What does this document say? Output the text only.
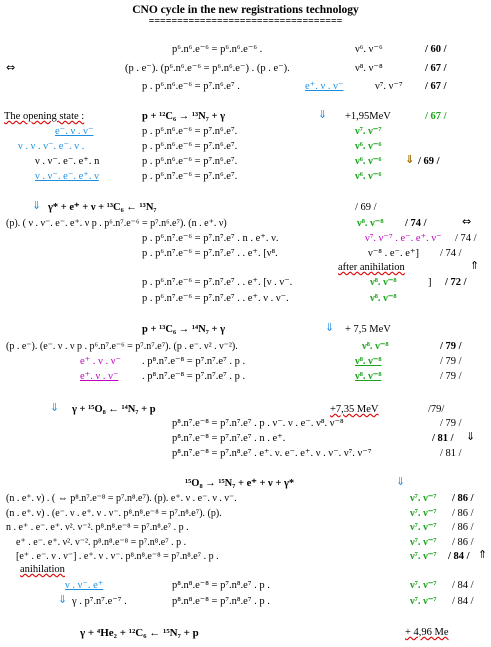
CNO cycle in the new registrations technology
==================================
p⁶.n⁶.e⁻⁶ = p⁶.n⁶.e⁻⁶ .	ν⁶. ν⁻⁶	/ 60 /
⇔	(p . e⁻). (p⁶.n⁶.e⁻⁶ = p⁶.n⁶.e⁻) . (p . e⁻).	ν⁸. ν⁻⁸	/ 67 /
p . p⁶.n⁶.e⁻⁶ = p⁷.n⁶.e⁷ .	e⁺. ν . ν⁻	ν⁷. ν⁻⁷ / 67 /
The opening state :	p + ¹²C₆ → ¹³N₇ + γ	⇓ +1,95MeV	/ 67 /
e⁻. ν . ν⁻	p . p⁶.n⁶.e⁻⁶ = p⁷.n⁶.e⁷.	ν⁷. ν⁻⁷
ν . ν . ν⁻. e⁻. ν .	p . p⁶.n⁶.e⁻⁶ = p⁷.n⁶.e⁷.	ν⁶. ν⁻⁶
ν . ν⁻. e⁻. e⁺. n	p . p⁶.n⁶.e⁻⁶ = p⁷.n⁶.e⁷.	ν⁶. ν⁻⁶ ⇓ / 69 /
ν . ν⁻. e⁻. e⁺. ν	p . p⁶.n⁷.e⁻⁶ = p⁷.n⁶.e⁷.	ν⁶. ν⁻⁶
⇓ γ* + e⁺ + ν + ¹³C₆ ← ¹³N₇	/ 69 /
(p). ( ν . ν⁻. e⁻. e⁺. ν p . p⁶.n⁷.e⁻⁶ = p⁷.n⁶.e⁷). (n . e⁺. ν)	ν⁸. ν⁻⁸ / 74 /	⇔
p . p⁶.n⁷.e⁻⁶ = p⁷.n⁷.e⁷ . n . e⁺. ν.	ν⁷. ν⁻⁷ . e⁻. e⁺. ν⁻ / 74 /
p . p⁶.n⁷.e⁻⁶ = p⁷.n⁷.e⁷ . . e⁺. [ν⁸.	ν⁻⁸ . e⁻. e⁺] / 74 /
after anihilation	⇑
p . p⁶.n⁷.e⁻⁶ = p⁷.n⁷.e⁷ . . e⁺. [ν . ν⁻.	ν⁸. ν⁻⁸	] / 72 /
p . p⁶.n⁷.e⁻⁶ = p⁷.n⁷.e⁷ . . e⁺. ν . ν⁻.	ν⁸. ν⁻⁸
p + ¹³C₆ → ¹⁴N₇ + γ	⇓ + 7,5 MeV
(p . e⁻). (e⁻. ν . ν p . p⁶.n⁷.e⁻⁶ = p⁷.n⁷.e⁷). (p . e⁻. ν² . ν⁻²).	ν⁸. ν⁻⁸	/ 79 /
e⁺ . ν . ν⁻ . p⁸.n⁷.e⁻⁸ = p⁷.n⁷.e⁷ . p .	ν⁸. ν⁻⁸	/ 79 /
e⁺. ν . ν⁻ . p⁸.n⁷.e⁻⁸ = p⁷.n⁷.e⁷ . p .	ν⁸. ν⁻⁸	/ 79 /
⇓ γ + ¹⁵O₈ ← ¹⁴N₇ + p	+7,35 MeV	/79/
p⁸.n⁷.e⁻⁸ = p⁷.n⁷.e⁷ . p . ν⁻. ν . e⁻. ν⁸. ν⁻⁸	/ 79 /
p⁸.n⁷.e⁻⁸ = p⁷.n⁷.e⁷ . n . e⁺.	/ 81 / ⇓
p⁸.n⁷.e⁻⁸ = p⁷.n⁸.e⁷ . e⁺. ν. e⁻. e⁺. ν . ν⁻. ν⁷. ν⁻⁷	/ 81 /
¹⁵O₈ → ¹⁵N₇ + e⁺ + ν + γ*	⇓
(n . e⁺. ν) . ( ⇔ p⁸.n⁷.e⁻⁸ = p⁷.n⁸.e⁷). (p). e⁺. ν . e⁻. ν . ν⁻.	ν⁷. ν⁻⁷ / 86 /
(n . e⁺. ν) . (e⁻. ν . e⁺. ν . ν⁻. p⁸.n⁸.e⁻⁸ = p⁷.n⁸.e⁷). (p).	ν⁷. ν⁻⁷ / 86 /
n . e⁺ . e⁻. e⁺. ν². ν⁻². p⁸.n⁸.e⁻⁸ = p⁷.n⁸.e⁷ . p .	ν⁷. ν⁻⁷ / 86 /
e⁺ . e⁻. e⁺. ν². ν⁻². p⁸.n⁸.e⁻⁸ = p⁷.n⁸.e⁷ . p .	ν⁷. ν⁻⁷ / 86 /
[e⁺ . e⁻. ν . ν⁻] . e⁺. ν . ν⁻. p⁸.n⁸.e⁻⁸ = p⁷.n⁸.e⁷ . p .	ν⁷. ν⁻⁷ / 84 / ⇑
anihilation
ν . ν⁻. e⁺	p⁸.n⁸.e⁻⁸ = p⁷.n⁸.e⁷ . p .	ν⁷. ν⁻⁷ / 84 /
⇓ γ . p⁷.n⁷.e⁻⁷ .	p⁸.n⁸.e⁻⁸ = p⁷.n⁸.e⁷ . p .	ν⁷. ν⁻⁷ / 84 /
γ + ⁴He₂ + ¹²C₆ ← ¹⁵N₇ + p	+ 4,96 Me
